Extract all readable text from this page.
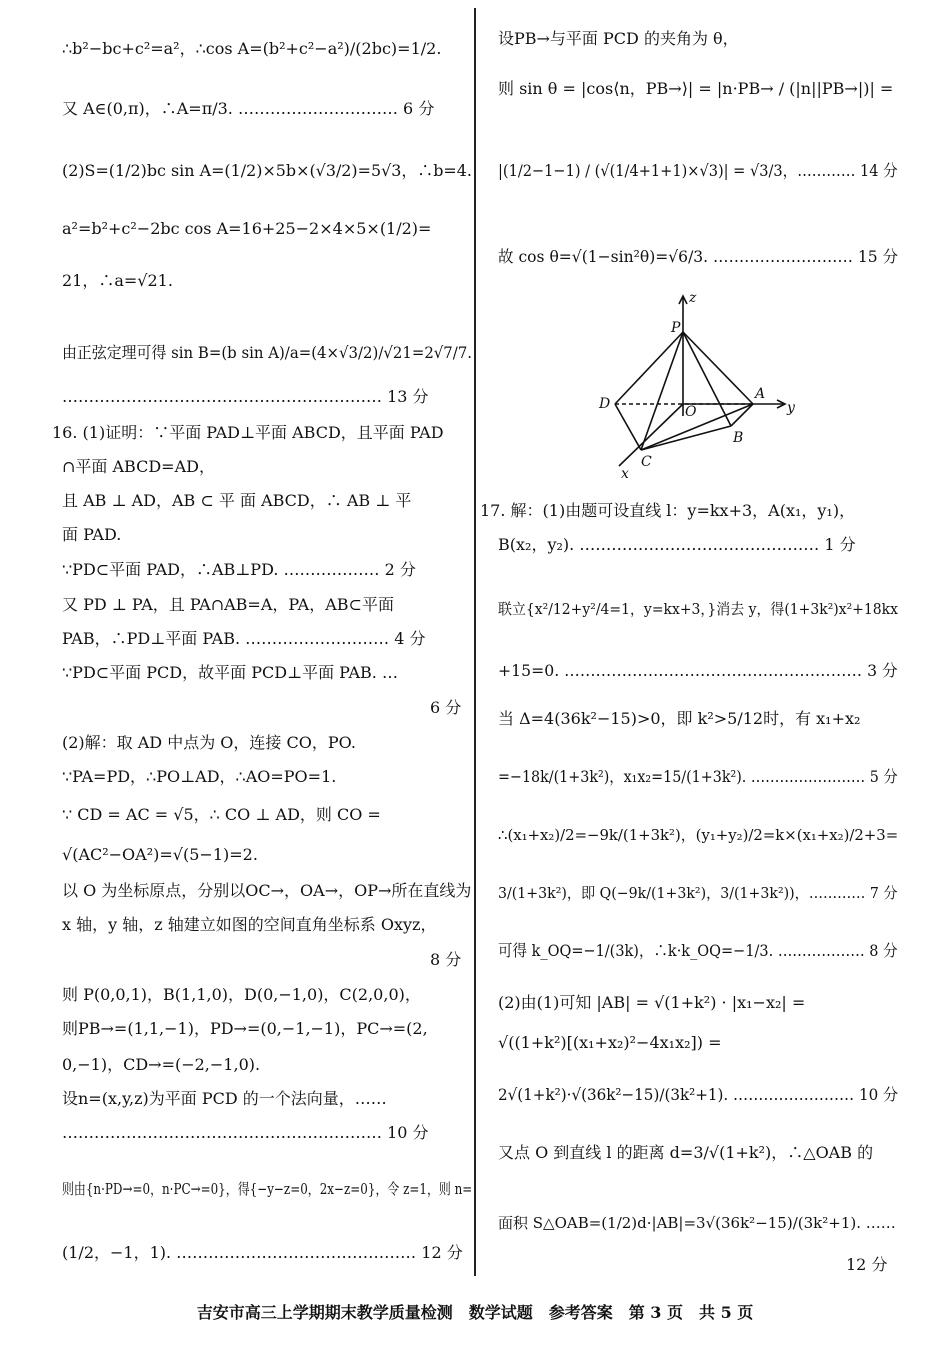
∴b²−bc+c²=a²，∴cos A=(b²+c²−a²)/(2bc)=1/2.
又 A∈(0,π)，∴A=π/3. ………………………… 6 分
(2)S=(1/2)bc sin A=(1/2)×5b×(√3/2)=5√3，∴b=4.
a²=b²+c²−2bc cos A=16+25−2×4×5×(1/2)=
21，∴a=√21.
由正弦定理可得 sin B=(b sin A)/a=(4×√3/2)/√21=2√7/7.
…………………………………………………… 13 分
16. (1)证明：∵平面 PAD⊥平面 ABCD，且平面 PAD
∩平面 ABCD=AD，
且 AB ⊥ AD，AB ⊂ 平 面 ABCD，∴ AB ⊥ 平
面 PAD.
∵PD⊂平面 PAD，∴AB⊥PD. ……………… 2 分
又 PD ⊥ PA，且 PA∩AB=A，PA，AB⊂平面
PAB，∴PD⊥平面 PAB. ……………………… 4 分
∵PD⊂平面 PCD，故平面 PCD⊥平面 PAB. …
6 分
(2)解：取 AD 中点为 O，连接 CO，PO.
∵PA=PD，∴PO⊥AD，∴AO=PO=1.
∵ CD = AC = √5，∴ CO ⊥ AD，则 CO =
√(AC²−OA²)=√(5−1)=2.
以 O 为坐标原点，分别以OC→，OA→，OP→所在直线为
x 轴，y 轴，z 轴建立如图的空间直角坐标系 Oxyz，
8 分
则 P(0,0,1)，B(1,1,0)，D(0,−1,0)，C(2,0,0)，
则PB→=(1,1,−1)，PD→=(0,−1,−1)，PC→=(2,
0,−1)，CD→=(−2,−1,0).
设n=(x,y,z)为平面 PCD 的一个法向量，……
…………………………………………………… 10 分
则由{n·PD→=0，n·PC→=0}，得{−y−z=0，2x−z=0}，令 z=1，则 n=
(1/2，−1，1). ……………………………………… 12 分
设PB→与平面 PCD 的夹角为 θ，
则 sin θ = |cos⟨n，PB→⟩| = |n·PB→ / (|n||PB→|)| =
|(1/2−1−1) / (√(1/4+1+1)×√3)| = √3/3，………… 14 分
故 cos θ=√(1−sin²θ)=√6/3. ……………………… 15 分
17. 解：(1)由题可设直线 l：y=kx+3，A(x₁，y₁)，
B(x₂，y₂). ……………………………………… 1 分
联立{x²/12+y²/4=1，y=kx+3，}消去 y，得(1+3k²)x²+18kx
+15=0. ………………………………………………… 3 分
当 Δ=4(36k²−15)>0，即 k²>5/12时，有 x₁+x₂
=−18k/(1+3k²)，x₁x₂=15/(1+3k²). …………………… 5 分
∴(x₁+x₂)/2=−9k/(1+3k²)，(y₁+y₂)/2=k×(x₁+x₂)/2+3=
3/(1+3k²)，即 Q(−9k/(1+3k²)，3/(1+3k²))，………… 7 分
可得 k_OQ=−1/(3k)，∴k·k_OQ=−1/3. ……………… 8 分
(2)由(1)可知 |AB| = √(1+k²) · |x₁−x₂| =
√((1+k²)[(x₁+x₂)²−4x₁x₂]) =
2√(1+k²)·√(36k²−15)/(3k²+1). …………………… 10 分
又点 O 到直线 l 的距离 d=3/√(1+k²)，∴△OAB 的
面积 S△OAB=(1/2)d·|AB|=3√(36k²−15)/(3k²+1). ……
12 分
z
P
A
y
D	O
B
C
x
吉安市高三上学期期末教学质量检测　数学试题　参考答案　第 3 页　共 5 页
